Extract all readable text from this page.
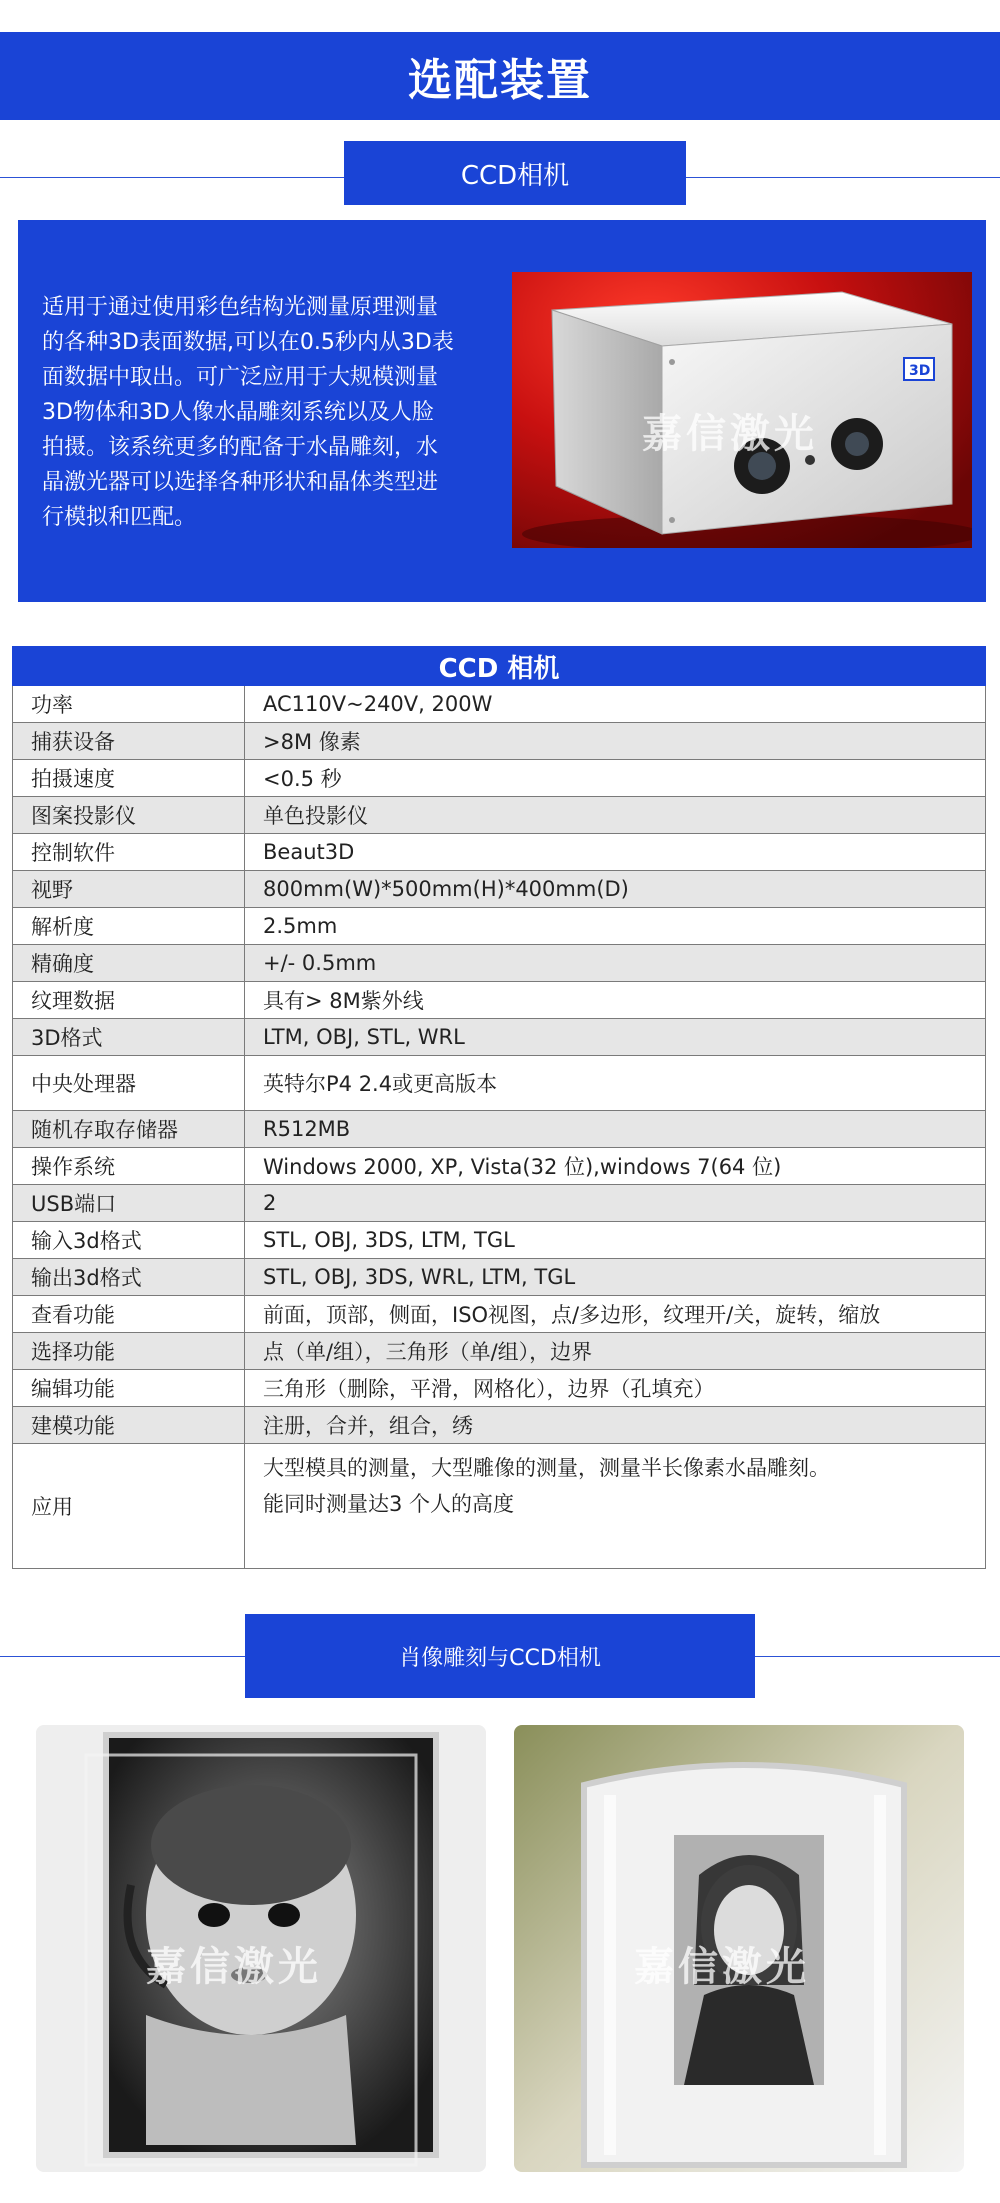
选配装置
CCD相机
适用于通过使用彩色结构光测量原理测量
的各种3D表面数据,可以在0.5秒内从3D表
面数据中取出。可广泛应用于大规模测量
3D物体和3D人像水晶雕刻系统以及人脸
拍摄。该系统更多的配备于水晶雕刻，水
晶激光器可以选择各种形状和晶体类型进
行模拟和匹配。
3D
嘉信激光
CCD 相机	
功率	AC110V~240V, 200W
捕获设备	>8M 像素
拍摄速度	<0.5 秒
图案投影仪	单色投影仪
控制软件	Beaut3D
视野	800mm(W)*500mm(H)*400mm(D)
解析度	2.5mm
精确度	+/- 0.5mm
纹理数据	具有> 8M紫外线
3D格式	LTM, OBJ, STL, WRL
中央处理器	英特尔P4 2.4或更高版本
随机存取存储器	R512MB
操作系统	Windows 2000, XP, Vista(32 位),windows 7(64 位)
USB端口	2
输入3d格式	STL, OBJ, 3DS, LTM, TGL
输出3d格式	STL, OBJ, 3DS, WRL, LTM, TGL
查看功能	前面，顶部，侧面，ISO视图，点/多边形，纹理开/关，旋转，缩放
选择功能	点（单/组），三角形（单/组），边界
编辑功能	三角形（删除，平滑，网格化），边界（孔填充）
建模功能	注册，合并，组合，绣
应用	大型模具的测量，大型雕像的测量，测量半长像素水晶雕刻。
能同时测量达3 个人的高度
肖像雕刻与CCD相机
嘉信激光	嘉信激光
